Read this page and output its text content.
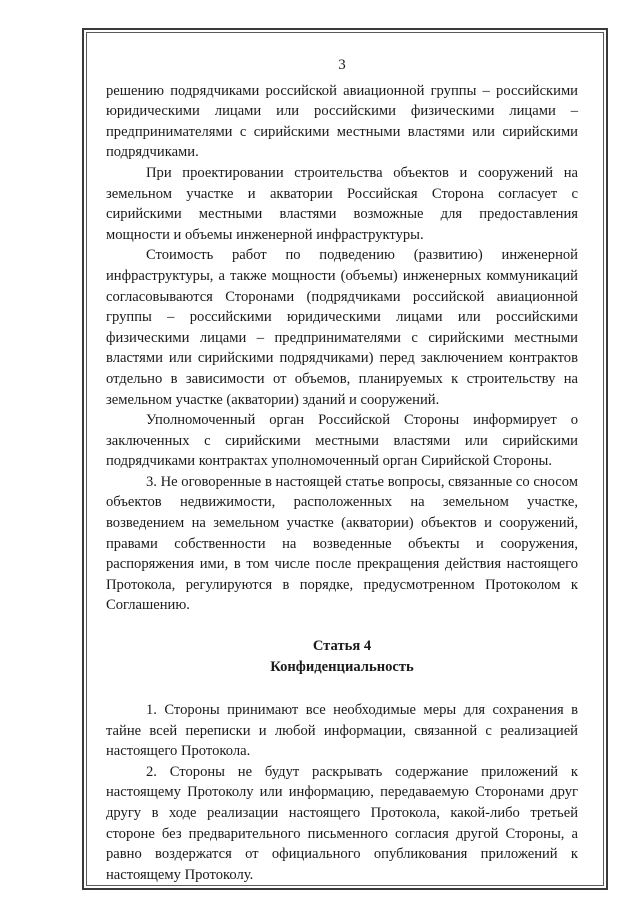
3

решению подрядчиками российской авиационной группы – российскими юридическими лицами или российскими физическими лицами – предпринимателями с сирийскими местными властями или сирийскими подрядчиками.

При проектировании строительства объектов и сооружений на земельном участке и акватории Российская Сторона согласует с сирийскими местными властями возможные для предоставления мощности и объемы инженерной инфраструктуры.

Стоимость работ по подведению (развитию) инженерной инфраструктуры, а также мощности (объемы) инженерных коммуникаций согласовываются Сторонами (подрядчиками российской авиационной группы – российскими юридическими лицами или российскими физическими лицами – предпринимателями с сирийскими местными властями или сирийскими подрядчиками) перед заключением контрактов отдельно в зависимости от объемов, планируемых к строительству на земельном участке (акватории) зданий и сооружений.

Уполномоченный орган Российской Стороны информирует о заключенных с сирийскими местными властями или сирийскими подрядчиками контрактах уполномоченный орган Сирийской Стороны.

3. Не оговоренные в настоящей статье вопросы, связанные со сносом объектов недвижимости, расположенных на земельном участке, возведением на земельном участке (акватории) объектов и сооружений, правами собственности на возведенные объекты и сооружения, распоряжения ими, в том числе после прекращения действия настоящего Протокола, регулируются в порядке, предусмотренном Протоколом к Соглашению.

Статья 4
Конфиденциальность

1. Стороны принимают все необходимые меры для сохранения в тайне всей переписки и любой информации, связанной с реализацией настоящего Протокола.

2. Стороны не будут раскрывать содержание приложений к настоящему Протоколу или информацию, передаваемую Сторонами друг другу в ходе реализации настоящего Протокола, какой-либо третьей стороне без предварительного письменного согласия другой Стороны, а равно воздержатся от официального опубликования приложений к настоящему Протоколу.
